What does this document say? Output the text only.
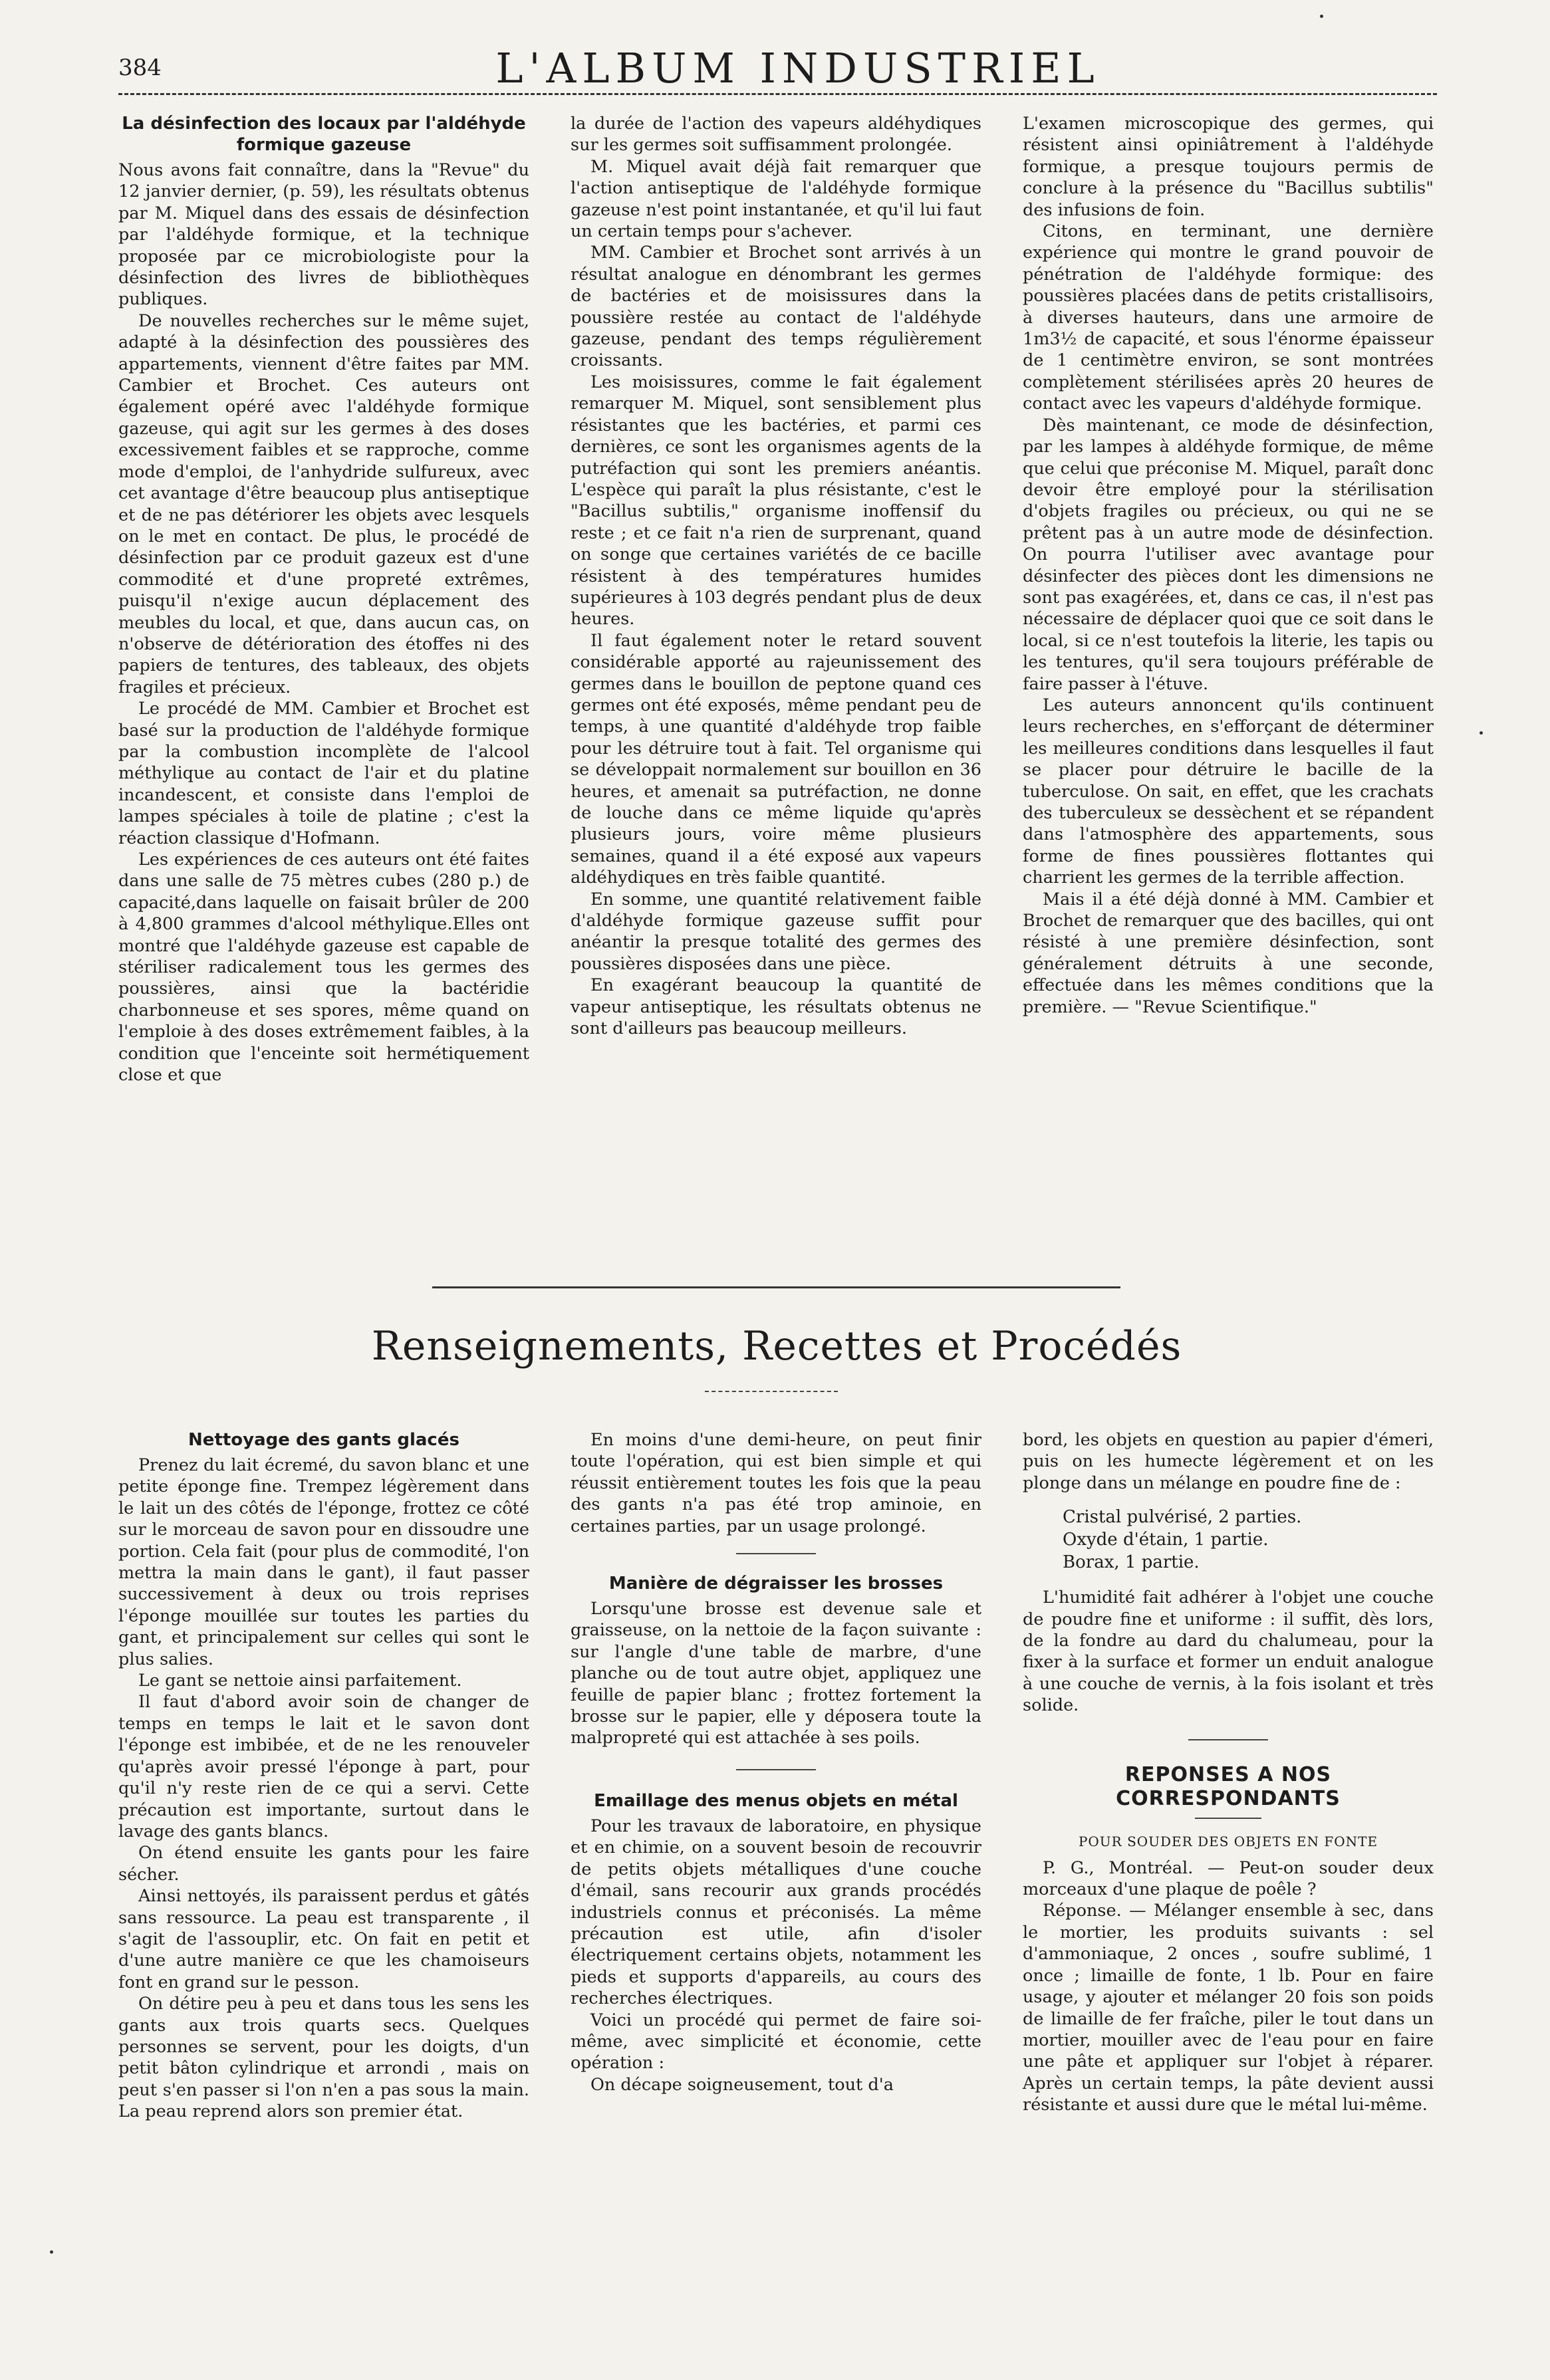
384	L'ALBUM INDUSTRIEL
La désinfection des locaux par l'aldéhyde formique gazeuse

Nous avons fait connaître, dans la "Revue" du 12 janvier dernier, (p. 59), les résultats obtenus par M. Miquel dans des essais de désinfection par l'aldéhyde formique, et la technique proposée par ce microbiologiste pour la désinfection des livres de bibliothèques publiques.

De nouvelles recherches sur le même sujet, adapté à la désinfection des poussières des appartements, viennent d'être faites par MM. Cambier et Brochet. Ces auteurs ont également opéré avec l'aldéhyde formique gazeuse, qui agit sur les germes à des doses excessivement faibles et se rapproche, comme mode d'emploi, de l'anhydride sulfureux, avec cet avantage d'être beaucoup plus antiseptique et de ne pas détériorer les objets avec lesquels on le met en contact. De plus, le procédé de désinfection par ce produit gazeux est d'une commodité et d'une propreté extrêmes, puisqu'il n'exige aucun déplacement des meubles du local, et que, dans aucun cas, on n'observe de détérioration des étoffes ni des papiers de tentures, des tableaux, des objets fragiles et précieux.

Le procédé de MM. Cambier et Brochet est basé sur la production de l'aldéhyde formique par la combustion incomplète de l'alcool méthylique au contact de l'air et du platine incandescent, et consiste dans l'emploi de lampes spéciales à toile de platine ; c'est la réaction classique d'Hofmann.

Les expériences de ces auteurs ont été faites dans une salle de 75 mètres cubes (280 p.) de capacité,dans laquelle on faisait brûler de 200 à 4,800 grammes d'alcool méthylique.Elles ont montré que l'aldéhyde gazeuse est capable de stériliser radicalement tous les germes des poussières, ainsi que la bactéridie charbonneuse et ses spores, même quand on l'emploie à des doses extrêmement faibles, à la condition que l'enceinte soit hermétiquement close et que

la durée de l'action des vapeurs aldéhydiques sur les germes soit suffisamment prolongée.

M. Miquel avait déjà fait remarquer que l'action antiseptique de l'aldéhyde formique gazeuse n'est point instantanée, et qu'il lui faut un certain temps pour s'achever.

MM. Cambier et Brochet sont arrivés à un résultat analogue en dénombrant les germes de bactéries et de moisissures dans la poussière restée au contact de l'aldéhyde gazeuse, pendant des temps régulièrement croissants.

Les moisissures, comme le fait également remarquer M. Miquel, sont sensiblement plus résistantes que les bactéries, et parmi ces dernières, ce sont les organismes agents de la putréfaction qui sont les premiers anéantis. L'espèce qui paraît la plus résistante, c'est le "Bacillus subtilis," organisme inoffensif du reste ; et ce fait n'a rien de surprenant, quand on songe que certaines variétés de ce bacille résistent à des températures humides supérieures à 103 degrés pendant plus de deux heures.

Il faut également noter le retard souvent considérable apporté au rajeunissement des germes dans le bouillon de peptone quand ces germes ont été exposés, même pendant peu de temps, à une quantité d'aldéhyde trop faible pour les détruire tout à fait. Tel organisme qui se développait normalement sur bouillon en 36 heures, et amenait sa putréfaction, ne donne de louche dans ce même liquide qu'après plusieurs jours, voire même plusieurs semaines, quand il a été exposé aux vapeurs aldéhydiques en très faible quantité.

En somme, une quantité relativement faible d'aldéhyde formique gazeuse suffit pour anéantir la presque totalité des germes des poussières disposées dans une pièce.

En exagérant beaucoup la quantité de vapeur antiseptique, les résultats obtenus ne sont d'ailleurs pas beaucoup meilleurs.

L'examen microscopique des germes, qui résistent ainsi opiniâtrement à l'aldéhyde formique, a presque toujours permis de conclure à la présence du "Bacillus subtilis" des infusions de foin.

Citons, en terminant, une dernière expérience qui montre le grand pouvoir de pénétration de l'aldéhyde formique: des poussières placées dans de petits cristallisoirs, à diverses hauteurs, dans une armoire de 1m3½ de capacité, et sous l'énorme épaisseur de 1 centimètre environ, se sont montrées complètement stérilisées après 20 heures de contact avec les vapeurs d'aldéhyde formique.

Dès maintenant, ce mode de désinfection, par les lampes à aldéhyde formique, de même que celui que préconise M. Miquel, paraît donc devoir être employé pour la stérilisation d'objets fragiles ou précieux, ou qui ne se prêtent pas à un autre mode de désinfection. On pourra l'utiliser avec avantage pour désinfecter des pièces dont les dimensions ne sont pas exagérées, et, dans ce cas, il n'est pas nécessaire de déplacer quoi que ce soit dans le local, si ce n'est toutefois la literie, les tapis ou les tentures, qu'il sera toujours préférable de faire passer à l'étuve.

Les auteurs annoncent qu'ils continuent leurs recherches, en s'efforçant de déterminer les meilleures conditions dans lesquelles il faut se placer pour détruire le bacille de la tuberculose. On sait, en effet, que les crachats des tuberculeux se dessèchent et se répandent dans l'atmosphère des appartements, sous forme de fines poussières flottantes qui charrient les germes de la terrible affection.

Mais il a été déjà donné à MM. Cambier et Brochet de remarquer que des bacilles, qui ont résisté à une première désinfection, sont généralement détruits à une seconde, effectuée dans les mêmes conditions que la première. — "Revue Scientifique."

Renseignements, Recettes et Procédés
Nettoyage des gants glacés

Prenez du lait écremé, du savon blanc et une petite éponge fine. Trempez légèrement dans le lait un des côtés de l'éponge, frottez ce côté sur le morceau de savon pour en dissoudre une portion. Cela fait (pour plus de commodité, l'on mettra la main dans le gant), il faut passer successivement à deux ou trois reprises l'éponge mouillée sur toutes les parties du gant, et principalement sur celles qui sont le plus salies.

Le gant se nettoie ainsi parfaitement.

Il faut d'abord avoir soin de changer de temps en temps le lait et le savon dont l'éponge est imbibée, et de ne les renouveler qu'après avoir pressé l'éponge à part, pour qu'il n'y reste rien de ce qui a servi. Cette précaution est importante, surtout dans le lavage des gants blancs.

On étend ensuite les gants pour les faire sécher.

Ainsi nettoyés, ils paraissent perdus et gâtés sans ressource. La peau est transparente , il s'agit de l'assouplir, etc. On fait en petit et d'une autre manière ce que les chamoiseurs font en grand sur le pesson.

On détire peu à peu et dans tous les sens les gants aux trois quarts secs. Quelques personnes se servent, pour les doigts, d'un petit bâton cylindrique et arrondi , mais on peut s'en passer si l'on n'en a pas sous la main. La peau reprend alors son premier état.

En moins d'une demi-heure, on peut finir toute l'opération, qui est bien simple et qui réussit entièrement toutes les fois que la peau des gants n'a pas été trop aminoie, en certaines parties, par un usage prolongé.

Manière de dégraisser les brosses

Lorsqu'une brosse est devenue sale et graisseuse, on la nettoie de la façon suivante : sur l'angle d'une table de marbre, d'une planche ou de tout autre objet, appliquez une feuille de papier blanc ; frottez fortement la brosse sur le papier, elle y déposera toute la malpropreté qui est attachée à ses poils.

Emaillage des menus objets en métal

Pour les travaux de laboratoire, en physique et en chimie, on a souvent besoin de recouvrir de petits objets métalliques d'une couche d'émail, sans recourir aux grands procédés industriels connus et préconisés. La même précaution est utile, afin d'isoler électriquement certains objets, notamment les pieds et supports d'appareils, au cours des recherches électriques.

Voici un procédé qui permet de faire soi-même, avec simplicité et économie, cette opération :

On décape soigneusement, tout d'a

bord, les objets en question au papier d'émeri, puis on les humecte légèrement et on les plonge dans un mélange en poudre fine de :

Cristal pulvérisé, 2 parties.
Oxyde d'étain, 1 partie.
Borax, 1 partie.

L'humidité fait adhérer à l'objet une couche de poudre fine et uniforme : il suffit, dès lors, de la fondre au dard du chalumeau, pour la fixer à la surface et former un enduit analogue à une couche de vernis, à la fois isolant et très solide.

REPONSES A NOS CORRESPONDANTS
POUR SOUDER DES OBJETS EN FONTE

P. G., Montréal. — Peut-on souder deux morceaux d'une plaque de poêle ?

Réponse. — Mélanger ensemble à sec, dans le mortier, les produits suivants : sel d'ammoniaque, 2 onces , soufre sublimé, 1 once ; limaille de fonte, 1 lb. Pour en faire usage, y ajouter et mélanger 20 fois son poids de limaille de fer fraîche, piler le tout dans un mortier, mouiller avec de l'eau pour en faire une pâte et appliquer sur l'objet à réparer. Après un certain temps, la pâte devient aussi résistante et aussi dure que le métal lui-même.
